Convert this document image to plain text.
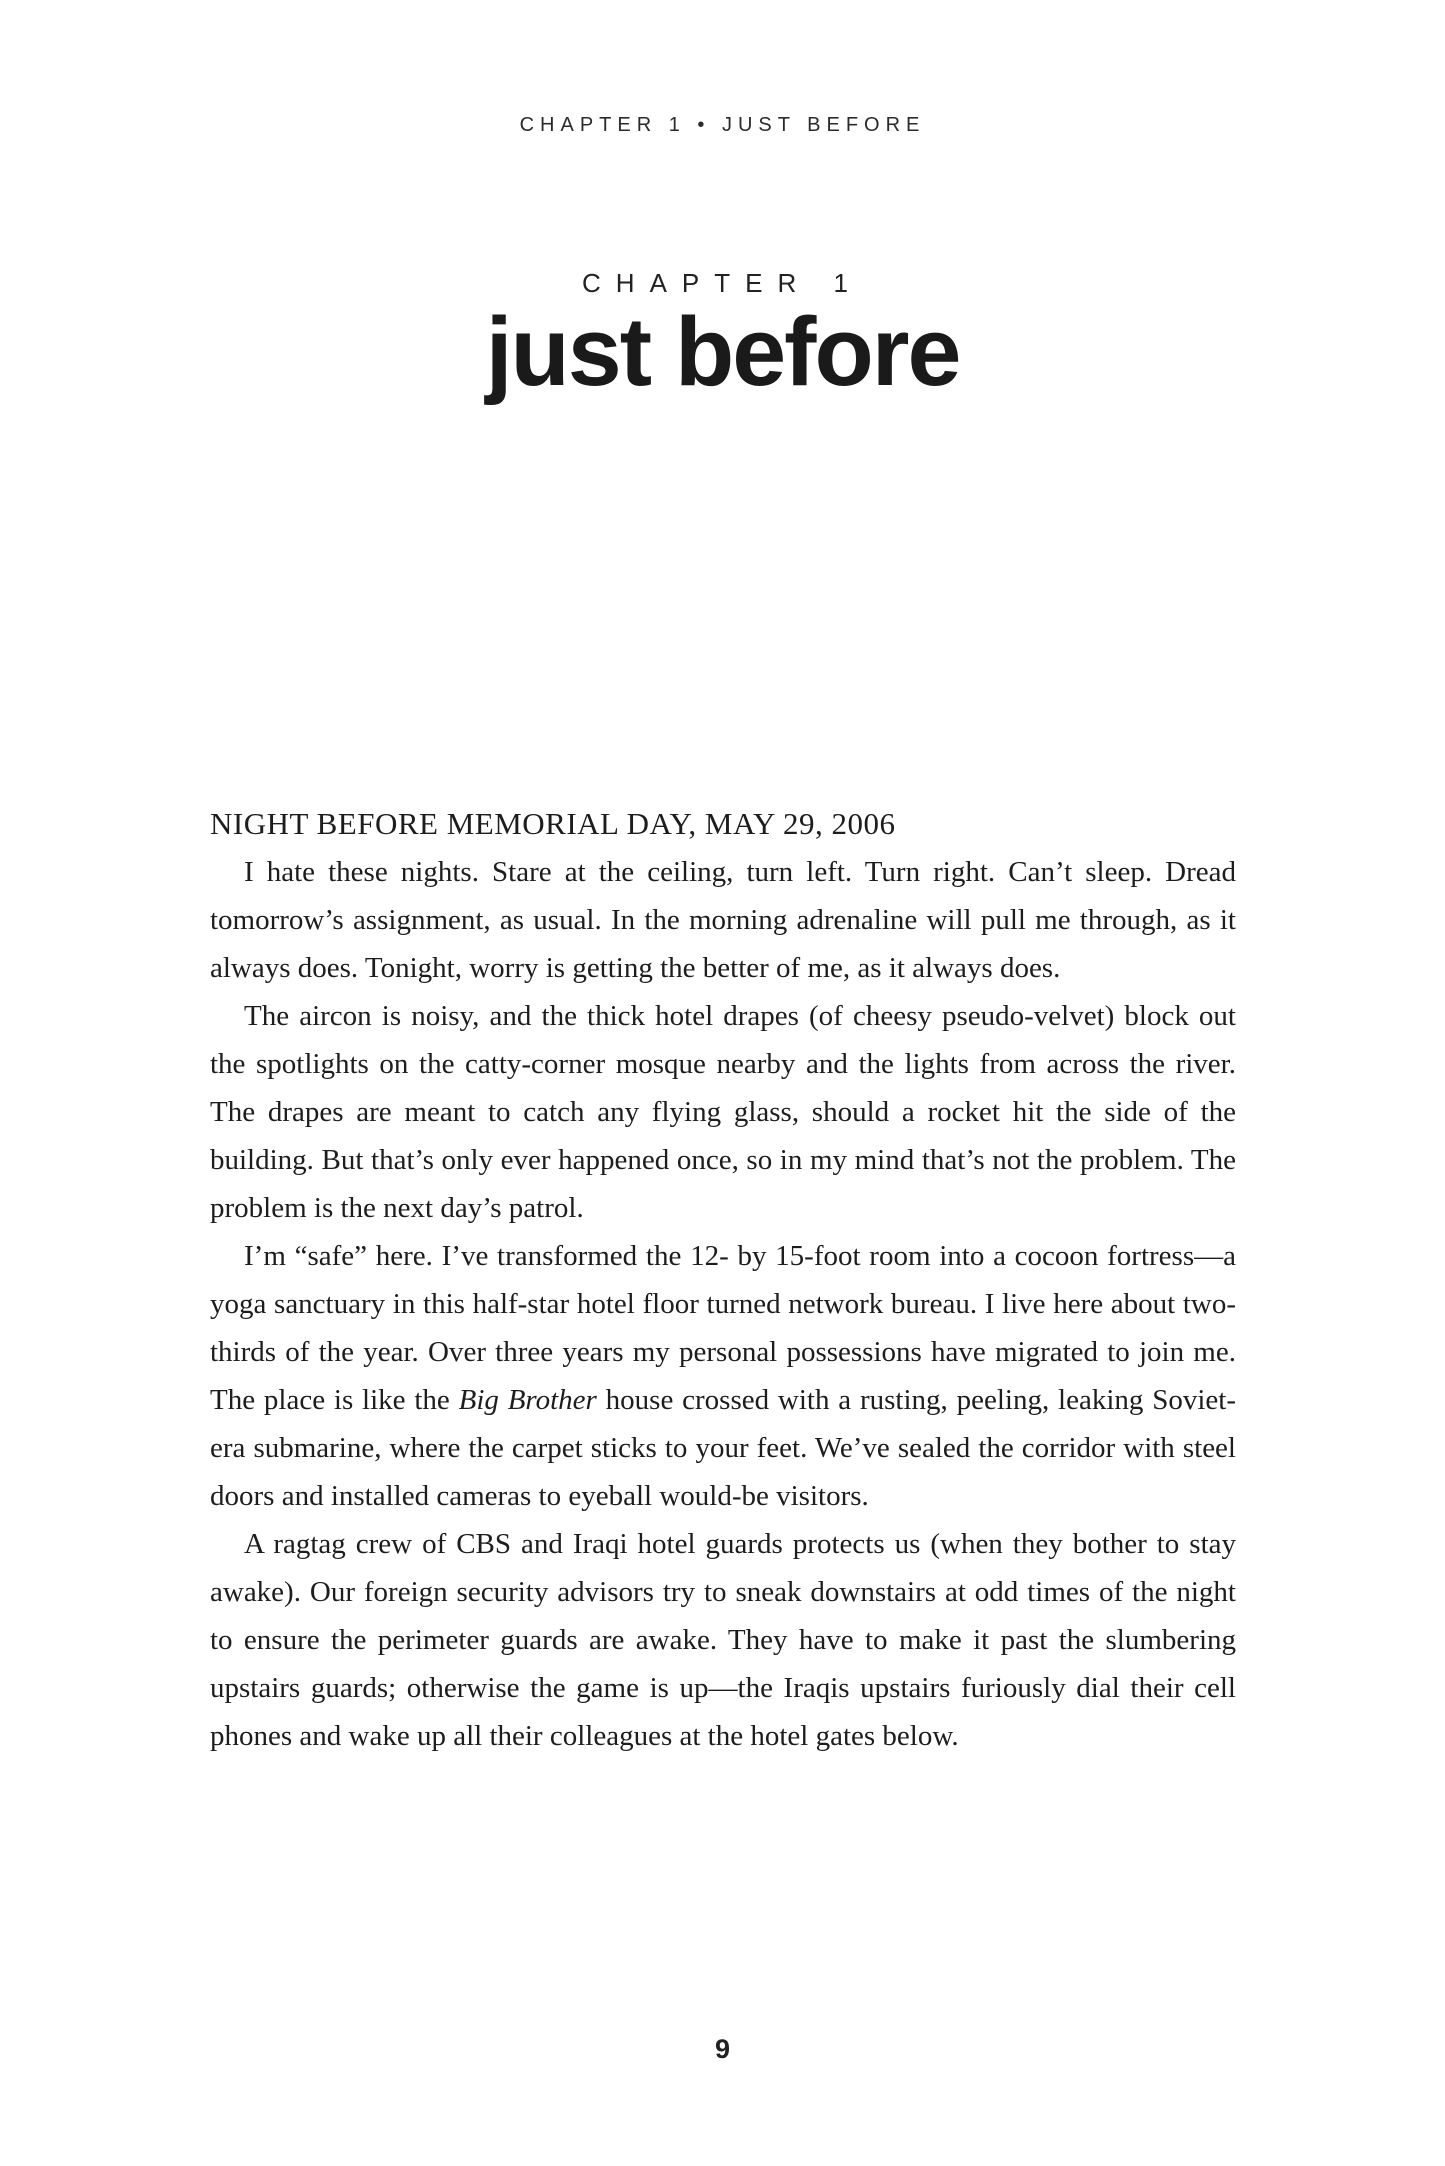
CHAPTER 1 • JUST BEFORE
CHAPTER 1
just before
NIGHT BEFORE MEMORIAL DAY, MAY 29, 2006

I hate these nights. Stare at the ceiling, turn left. Turn right. Can’t sleep. Dread tomorrow’s assignment, as usual. In the morning adrenaline will pull me through, as it always does. Tonight, worry is getting the better of me, as it always does.

The aircon is noisy, and the thick hotel drapes (of cheesy pseudo-velvet) block out the spotlights on the catty-corner mosque nearby and the lights from across the river. The drapes are meant to catch any flying glass, should a rocket hit the side of the building. But that’s only ever happened once, so in my mind that’s not the problem. The problem is the next day’s patrol.

I’m “safe” here. I’ve transformed the 12- by 15-foot room into a cocoon fortress—a yoga sanctuary in this half-star hotel floor turned network bureau. I live here about two-thirds of the year. Over three years my personal possessions have migrated to join me. The place is like the Big Brother house crossed with a rusting, peeling, leaking Soviet-era submarine, where the carpet sticks to your feet. We’ve sealed the corridor with steel doors and installed cameras to eyeball would-be visitors.

A ragtag crew of CBS and Iraqi hotel guards protects us (when they bother to stay awake). Our foreign security advisors try to sneak downstairs at odd times of the night to ensure the perimeter guards are awake. They have to make it past the slumbering upstairs guards; otherwise the game is up—the Iraqis upstairs furiously dial their cell phones and wake up all their colleagues at the hotel gates below.

9
